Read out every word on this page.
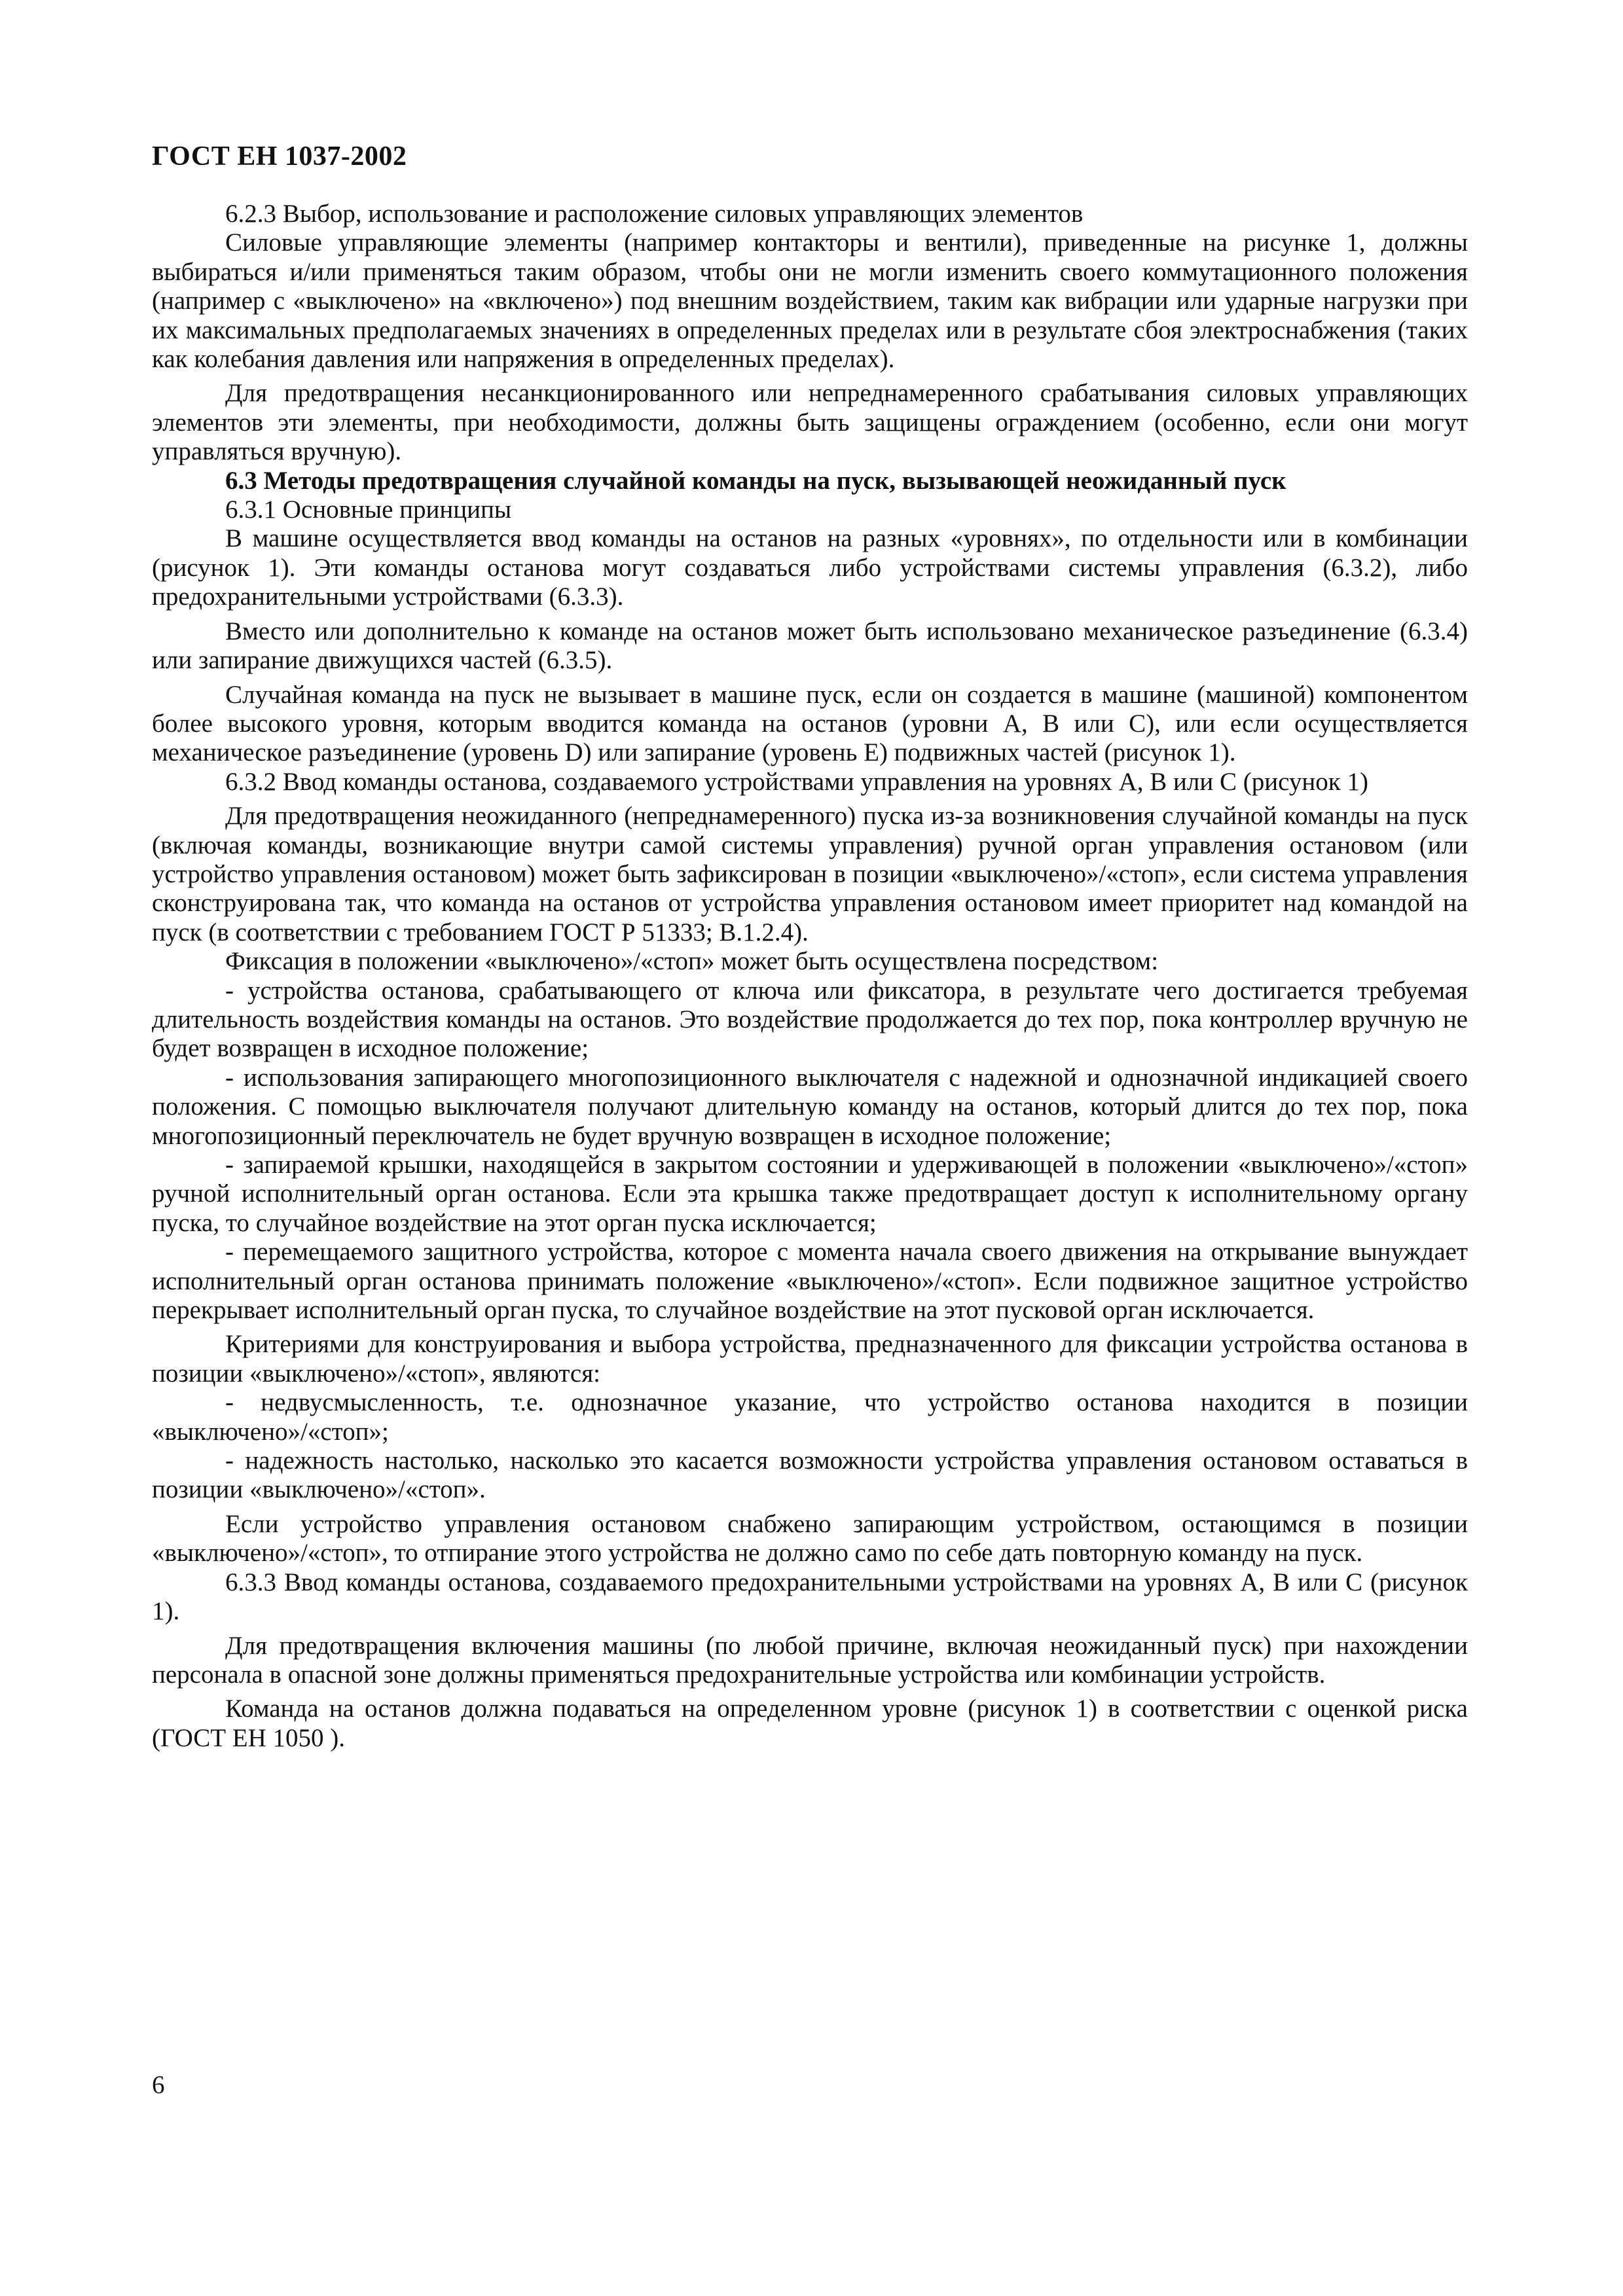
ГОСТ ЕН 1037-2002

6.2.3 Выбор, использование и расположение силовых управляющих элементов

Силовые управляющие элементы (например контакторы и вентили), приведенные на рисунке 1, должны выбираться и/или применяться таким образом, чтобы они не могли изменить своего коммутационного положения (например с «выключено» на «включено») под внешним воздействием, таким как вибрации или ударные нагрузки при их максимальных предполагаемых значениях в определенных пределах или в результате сбоя электроснабжения (таких как колебания давления или напряжения в определенных пределах).

Для предотвращения несанкционированного или непреднамеренного срабатывания силовых управляющих элементов эти элементы, при необходимости, должны быть защищены ограждением (особенно, если они могут управляться вручную).

6.3 Методы предотвращения случайной команды на пуск, вызывающей неожиданный пуск

6.3.1 Основные принципы

В машине осуществляется ввод команды на останов на разных «уровнях», по отдельности или в комбинации (рисунок 1). Эти команды останова могут создаваться либо устройствами системы управления (6.3.2), либо предохранительными устройствами (6.3.3).

Вместо или дополнительно к команде на останов может быть использовано механическое разъединение (6.3.4) или запирание движущихся частей (6.3.5).

Случайная команда на пуск не вызывает в машине пуск, если он создается в машине (машиной) компонентом более высокого уровня, которым вводится команда на останов (уровни A, B или C), или если осуществляется механическое разъединение (уровень D) или запирание (уровень E) подвижных частей (рисунок 1).

6.3.2 Ввод команды останова, создаваемого устройствами управления на уровнях A, B или C (рисунок 1)

Для предотвращения неожиданного (непреднамеренного) пуска из-за возникновения случайной команды на пуск (включая команды, возникающие внутри самой системы управления) ручной орган управления остановом (или устройство управления остановом) может быть зафиксирован в позиции «выключено»/«стоп», если система управления сконструирована так, что команда на останов от устройства управления остановом имеет приоритет над командой на пуск (в соответствии с требованием ГОСТ Р 51333; B.1.2.4).

Фиксация в положении «выключено»/«стоп» может быть осуществлена посредством:

- устройства останова, срабатывающего от ключа или фиксатора, в результате чего достигается требуемая длительность воздействия команды на останов. Это воздействие продолжается до тех пор, пока контроллер вручную не будет возвращен в исходное положение;

- использования запирающего многопозиционного выключателя с надежной и однозначной индикацией своего положения. С помощью выключателя получают длительную команду на останов, который длится до тех пор, пока многопозиционный переключатель не будет вручную возвращен в исходное положение;

- запираемой крышки, находящейся в закрытом состоянии и удерживающей в положении «выключено»/«стоп» ручной исполнительный орган останова. Если эта крышка также предотвращает доступ к исполнительному органу пуска, то случайное воздействие на этот орган пуска исключается;

- перемещаемого защитного устройства, которое с момента начала своего движения на открывание вынуждает исполнительный орган останова принимать положение «выключено»/«стоп». Если подвижное защитное устройство перекрывает исполнительный орган пуска, то случайное воздействие на этот пусковой орган исключается.

Критериями для конструирования и выбора устройства, предназначенного для фиксации устройства останова в позиции «выключено»/«стоп», являются:

- недвусмысленность, т.е. однозначное указание, что устройство останова находится в позиции «выключено»/«стоп»;

- надежность настолько, насколько это касается возможности устройства управления остановом оставаться в позиции «выключено»/«стоп».

Если устройство управления остановом снабжено запирающим устройством, остающимся в позиции «выключено»/«стоп», то отпирание этого устройства не должно само по себе дать повторную команду на пуск.

6.3.3 Ввод команды останова, создаваемого предохранительными устройствами на уровнях A, B или C (рисунок 1).

Для предотвращения включения машины (по любой причине, включая неожиданный пуск) при нахождении персонала в опасной зоне должны применяться предохранительные устройства или комбинации устройств.

Команда на останов должна подаваться на определенном уровне (рисунок 1) в соответствии с оценкой риска (ГОСТ ЕН 1050 ).

6
